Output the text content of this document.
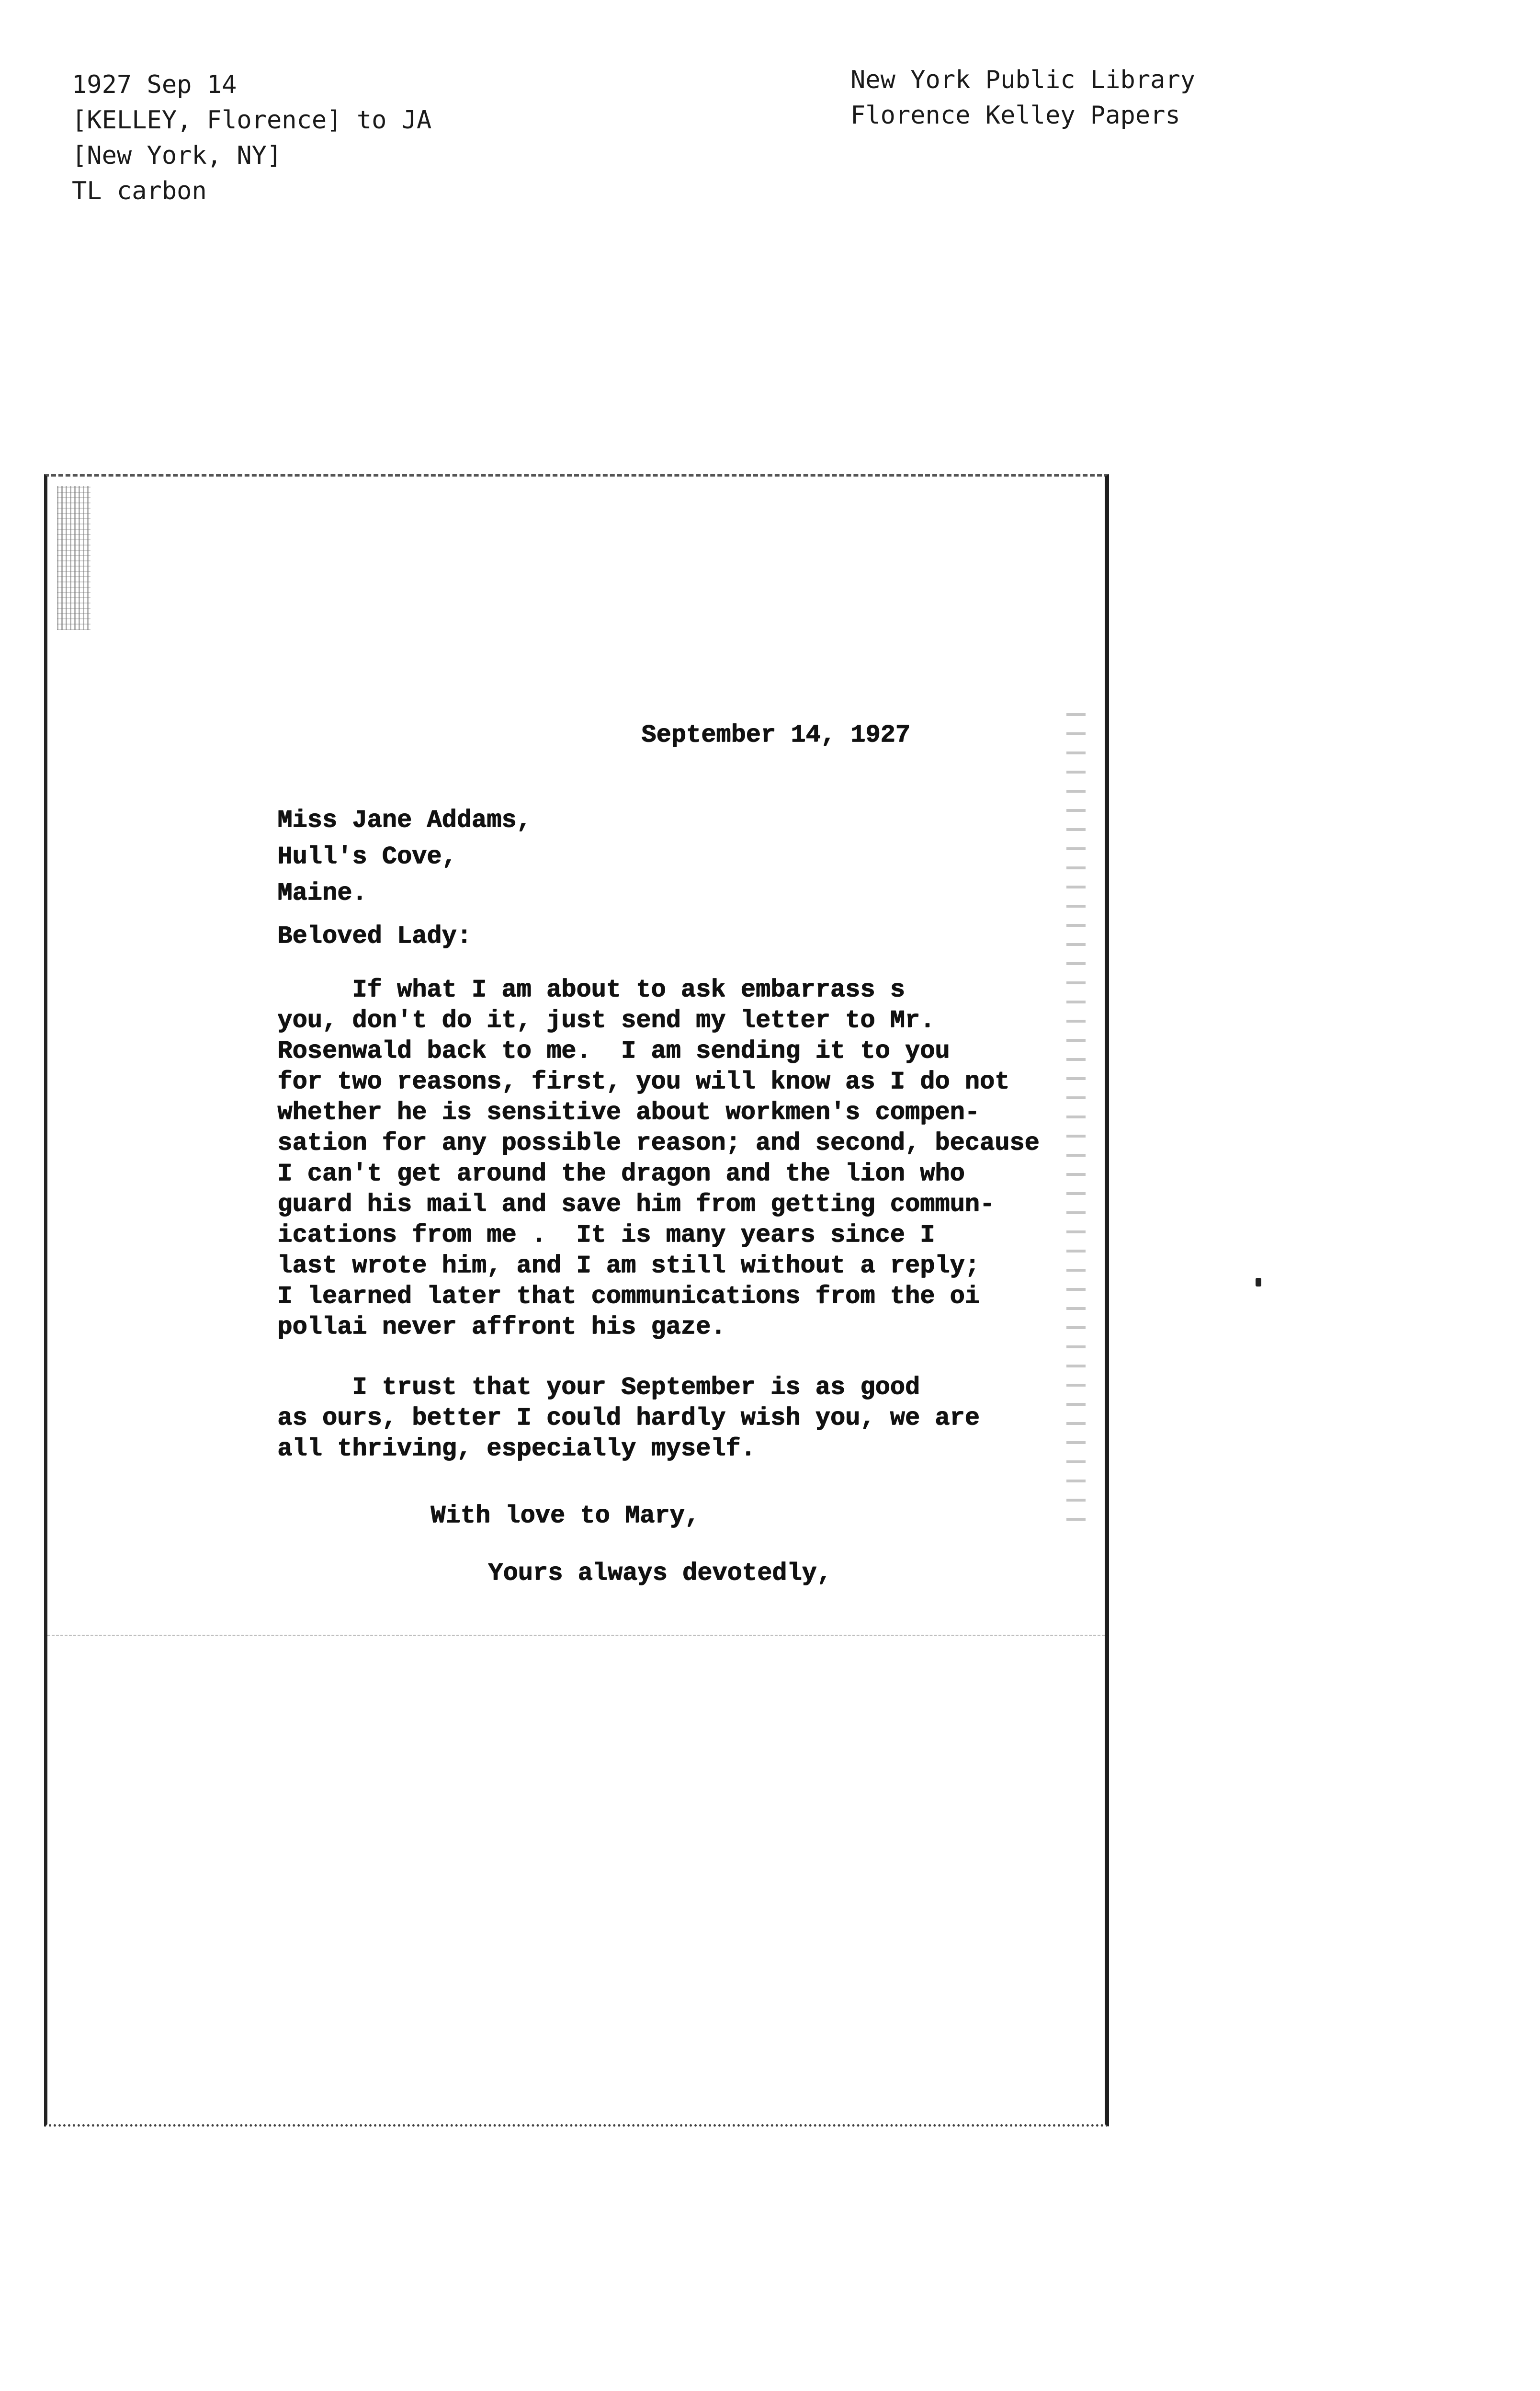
1927 Sep 14
[KELLEY, Florence] to JA
[New York, NY]
TL carbon
New York Public Library
Florence Kelley Papers
September 14, 1927
Miss Jane Addams,
Hull's Cove,
Maine.
Beloved Lady:
If what I am about to ask embarrass s
you, don't do it, just send my letter to Mr.
Rosenwald back to me.  I am sending it to you
for two reasons, first, you will know as I do not
whether he is sensitive about workmen's compen-
sation for any possible reason; and second, because
I can't get around the dragon and the lion who
guard his mail and save him from getting commun-
ications from me .  It is many years since I
last wrote him, and I am still without a reply;
I learned later that communications from the oi
pollai never affront his gaze.
I trust that your September is as good
as ours, better I could hardly wish you, we are
all thriving, especially myself.
With love to Mary,
Yours always devotedly,
